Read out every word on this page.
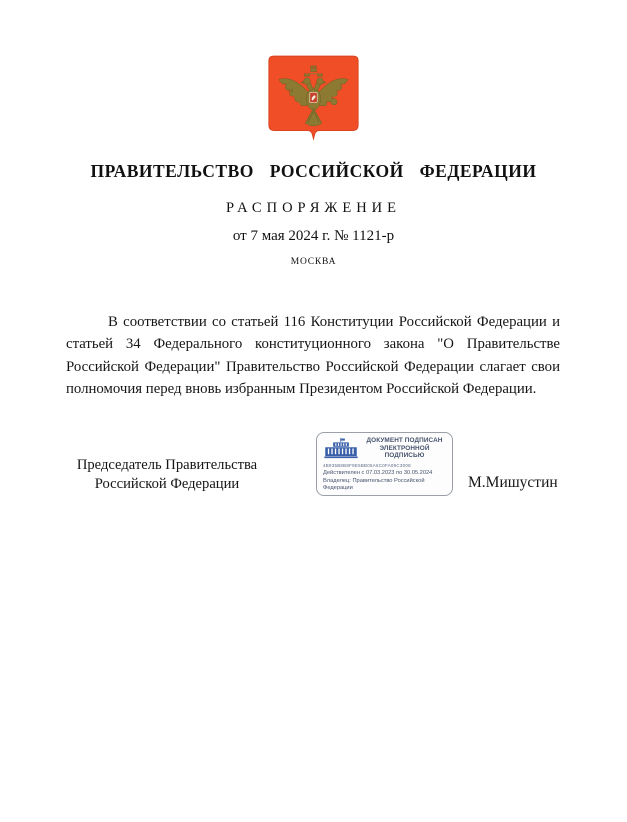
ПРАВИТЕЛЬСТВО РОССИЙСКОЙ ФЕДЕРАЦИИ
РАСПОРЯЖЕНИЕ
от 7 мая 2024 г. № 1121-р
МОСКВА

В соответствии со статьей 116 Конституции Российской Федерации и статьей 34 Федерального конституционного закона "О Правительстве Российской Федерации" Правительство Российской Федерации слагает свои полномочия перед вновь избранным Президентом Российской Федерации.

Председатель Правительства
Российской Федерации
ДОКУМЕНТ ПОДПИСАН
ЭЛЕКТРОННОЙ ПОДПИСЬЮ
4B935B8B8F9E5BB05A6C0FA09C3008
Действителен с 07.03.2023 по 30.05.2024
Владелец: Правительство Российской Федерации	М.Мишустин
